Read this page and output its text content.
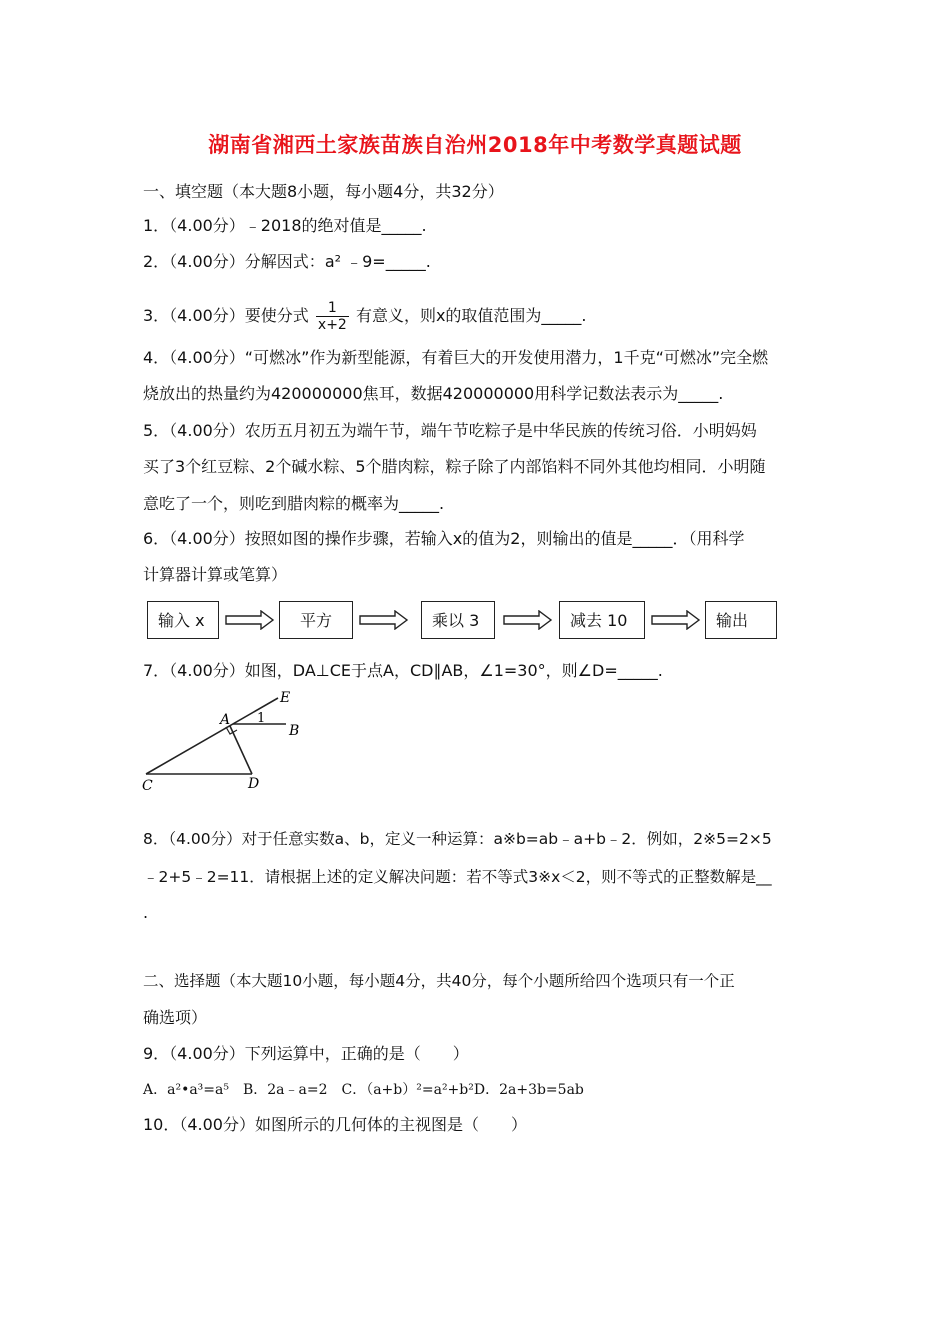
湖南省湘西土家族苗族自治州2018年中考数学真题试题
一、填空题（本大题8小题，每小题4分，共32分）
1．（4.00分）﹣2018的绝对值是_____.
2．（4.00分）分解因式：a² ﹣9=_____.
3．（4.00分）要使分式 $\frac{1}{x+2}$ 有意义，则x的取值范围为_____.
4．（4.00分）“可燃冰”作为新型能源，有着巨大的开发使用潜力，1千克“可燃冰”完全燃
烧放出的热量约为420000000焦耳，数据420000000用科学记数法表示为_____.
5．（4.00分）农历五月初五为端午节，端午节吃粽子是中华民族的传统习俗．小明妈妈
买了3个红豆粽、2个碱水粽、5个腊肉粽，粽子除了内部馅料不同外其他均相同．小明随
意吃了一个，则吃到腊肉粽的概率为_____.
6．（4.00分）按照如图的操作步骤，若输入x的值为2，则输出的值是_____．（用科学
计算器计算或笔算）
输入 x	平方	乘以 3	减去 10	输出
7．（4.00分）如图，DA⊥CE于点A，CD∥AB，∠1=30°，则∠D=_____.
E
A 1
B
C	D
8．（4.00分）对于任意实数a、b，定义一种运算：a※b=ab﹣a+b﹣2．例如，2※5=2×5
﹣2+5﹣2=11．请根据上述的定义解决问题：若不等式3※x＜2，则不等式的正整数解是__
.
二、选择题（本大题10小题，每小题4分，共40分，每个小题所给四个选项只有一个正
确选项）
9．（4.00分）下列运算中，正确的是（　　）
A．a²•a³=a⁵　B．2a﹣a=2　C．（a+b）²=a²+b²D．2a+3b=5ab
10．（4.00分）如图所示的几何体的主视图是（　　）
